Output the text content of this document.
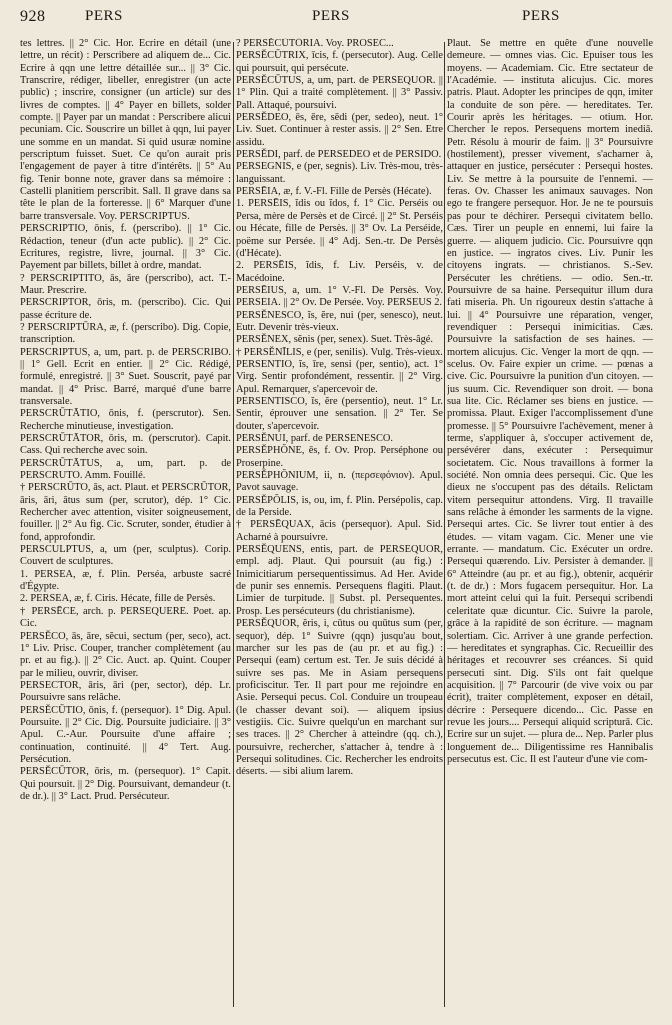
928	PERS	PERS	PERS

tes lettres. || 2° Cic. Hor. Ecrire en détail (une lettre, un récit) : Perscribere ad aliquem de... Cic. Ecrire à qqn une lettre détaillée sur... || 3° Cic. Transcrire, rédiger, libeller, enregistrer (un acte public) ; inscrire, consigner (un article) sur des livres de comptes. || 4° Payer en billets, solder compte. || Payer par un mandat : Perscribere alicui pecuniam. Cic. Souscrire un billet à qqn, lui payer une somme en un mandat. Si quid usuræ nomine perscriptum fuisset. Suet. Ce qu'on aurait pris l'engagement de payer à titre d'intérêts. || 5° Au fig. Tenir bonne note, graver dans sa mémoire : Castelli planitiem perscribit. Sall. Il grave dans sa tête le plan de la forteresse. || 6° Marquer d'une barre transversale. Voy. PERSCRIPTUS.

PERSCRIPTIO, ōnis, f. (perscribo). || 1° Cic. Rédaction, teneur (d'un acte public). || 2° Cic. Ecritures, registre, livre, journal. || 3° Cic. Payement par billets, billet à ordre, mandat.

? PERSCRIPTITO, ās, āre (perscribo), act. T.-Maur. Prescrire.

PERSCRIPTOR, ōris, m. (perscribo). Cic. Qui passe écriture de.

? PERSCRIPTŪRA, æ, f. (perscribo). Dig. Copie, transcription.

PERSCRIPTUS, a, um, part. p. de PERSCRIBO. || 1° Gell. Ecrit en entier. || 2° Cic. Rédigé, formulé, enregistré. || 3° Suet. Souscrit, payé par mandat. || 4° Prisc. Barré, marqué d'une barre transversale.

PERSCRŪTĀTIO, ōnis, f. (perscrutor). Sen. Recherche minutieuse, investigation.

PERSCRŪTĀTOR, ōris, m. (perscrutor). Capit. Cass. Qui recherche avec soin.

PERSCRŪTĀTUS, a, um, part. p. de PERSCRUTO. Amm. Fouillé.

† PERSCRŪTO, ās, act. Plaut. et PERSCRŪTOR, āris, āri, ātus sum (per, scrutor), dép. 1° Cic. Rechercher avec attention, visiter soigneusement, fouiller. || 2° Au fig. Cic. Scruter, sonder, étudier à fond, approfondir.

PERSCULPTUS, a, um (per, sculptus). Corip. Couvert de sculptures.

1. PERSEA, æ, f. Plin. Perséa, arbuste sacré d'Égypte.

2. PERSEA, æ, f. Ciris. Hécate, fille de Persès.

† PERSĒCE, arch. p. PERSEQUERE. Poet. ap. Cic.

PERSĔCO, ās, āre, sĕcui, sectum (per, seco), act. 1° Liv. Prisc. Couper, trancher complètement (au pr. et au fig.). || 2° Cic. Auct. ap. Quint. Couper par le milieu, ouvrir, diviser.

PERSECTOR, āris, āri (per, sector), dép. Lr. Poursuivre sans relâche.

PERSĔCŪTIO, ōnis, f. (persequor). 1° Dig. Apul. Poursuite. || 2° Cic. Dig. Poursuite judiciaire. || 3° Apul. C.-Aur. Poursuite d'une affaire ; continuation, continuité. || 4° Tert. Aug. Persécution.

PERSĔCŪTOR, ōris, m. (persequor). 1° Capit. Qui poursuit. || 2° Dig. Poursuivant, demandeur (t. de dr.). || 3° Lact. Prud. Persécuteur.

? PERSĔCŪTŌRIA. Voy. PROSEC...

PERSĔCŪTRIX, īcis, f. (persecutor). Aug. Celle qui poursuit, qui persécute.

PERSĔCŪTUS, a, um, part. de PERSEQUOR. || 1° Plin. Qui a traité complètement. || 3° Passiv. Pall. Attaqué, poursuivi.

PERSĔDEO, ēs, ēre, sēdi (per, sedeo), neut. 1° Liv. Suet. Continuer à rester assis. || 2° Sen. Etre assidu.

PERSĔDI, parf. de PERSEDEO et de PERSIDO.

PERSEGNIS, e (per, segnis). Liv. Très-mou, très-languissant.

PERSĒIA, æ, f. V.-Fl. Fille de Persès (Hécate).

1. PERSĒIS, ĭdis ou ĭdos, f. 1° Cic. Perséis ou Persa, mère de Persès et de Circé. || 2° St. Perséis ou Hécate, fille de Persès. || 3° Ov. La Perséide, poëme sur Persée. || 4° Adj. Sen.-tr. De Persès (d'Hécate).

2. PERSĒIS, ĭdis, f. Liv. Perséis, v. de Macédoine.

PERSĒIUS, a, um. 1° V.-Fl. De Persès. Voy. PERSEIA. || 2° Ov. De Persée. Voy. PERSEUS 2.

PERSĔNESCO, ĭs, ĕre, nui (per, senesco), neut. Eutr. Devenir très-vieux.

PERSĔNEX, sĕnis (per, senex). Suet. Très-âgé.

† PERSĔNĪLIS, e (per, senilis). Vulg. Très-vieux.

PERSENTIO, ĭs, īre, sensi (per, sentio), act. 1° Virg. Sentir profondément, ressentir. || 2° Virg. Apul. Remarquer, s'apercevoir de.

PERSENTISCO, ĭs, ĕre (persentio), neut. 1° Lr. Sentir, éprouver une sensation. || 2° Ter. Se douter, s'apercevoir.

PERSĔNUI, parf. de PERSENESCO.

PERSĔPHŎNE, ēs, f. Ov. Prop. Perséphone ou Proserpine.

PERSĔPHŎNIUM, ii, n. (περσεφόνιον). Apul. Pavot sauvage.

PERSĔPŎLIS, is, ou, im, f. Plin. Persépolis, cap. de la Perside.

† PERSĒQUAX, ācis (persequor). Apul. Sid. Acharné à poursuivre.

PERSĔQUENS, entis, part. de PERSEQUOR, empl. adj. Plaut. Qui poursuit (au fig.) : Inimicitiarum persequentissimus. Ad Her. Avide de punir ses ennemis. Persequens flagiti. Plaut. Limier de turpitude. || Subst. pl. Persequentes. Prosp. Les persécuteurs (du christianisme).

PERSĔQUOR, ĕris, i, cūtus ou quūtus sum (per, sequor), dép. 1° Suivre (qqn) jusqu'au bout, marcher sur les pas de (au pr. et au fig.) : Persequi (eam) certum est. Ter. Je suis décidé à suivre ses pas. Me in Asiam persequens proficiscitur. Ter. Il part pour me rejoindre en Asie. Persequi pecus. Col. Conduire un troupeau (le chasser devant soi). — aliquem ipsius vestigiis. Cic. Suivre quelqu'un en marchant sur ses traces. || 2° Chercher à atteindre (qq. ch.), poursuivre, rechercher, s'attacher à, tendre à : Persequi solitudines. Cic. Rechercher les endroits déserts. — sibi alium larem.

Plaut. Se mettre en quête d'une nouvelle demeure. — omnes vias. Cic. Epuiser tous les moyens. — Academiam. Cic. Etre sectateur de l'Académie. — instituta alicujus. Cic. mores patris. Plaut. Adopter les principes de qqn, imiter la conduite de son père. — hereditates. Ter. Courir après les héritages. — otium. Hor. Chercher le repos. Persequens mortem inediā. Petr. Résolu à mourir de faim. || 3° Poursuivre (hostilement), presser vivement, s'acharner à, attaquer en justice, persécuter : Persequi hostes. Liv. Se mettre à la poursuite de l'ennemi. — feras. Ov. Chasser les animaux sauvages. Non ego te frangere persequor. Hor. Je ne te poursuis pas pour te déchirer. Persequi civitatem bello. Cæs. Tirer un peuple en ennemi, lui faire la guerre. — aliquem judicio. Cic. Poursuivre qqn en justice. — ingratos cives. Liv. Punir les citoyens ingrats. — christianos. S.-Sev. Persécuter les chrétiens. — odio. Sen.-tr. Poursuivre de sa haine. Persequitur illum dura fati miseria. Ph. Un rigoureux destin s'attache à lui. || 4° Poursuivre une réparation, venger, revendiquer : Persequi inimicitias. Cæs. Poursuivre la satisfaction de ses haines. — mortem alicujus. Cic. Venger la mort de qqn. — scelus. Ov. Faire expier un crime. — pœnas a cive. Cic. Poursuivre la punition d'un citoyen. — jus suum. Cic. Revendiquer son droit. — bona sua lite. Cic. Réclamer ses biens en justice. — promissa. Plaut. Exiger l'accomplissement d'une promesse. || 5° Poursuivre l'achèvement, mener à terme, s'appliquer à, s'occuper activement de, persévérer dans, exécuter : Persequimur societatem. Cic. Nous travaillons à former la société. Non omnia dees persequi. Cic. Que les dieux ne s'occupent pas des détails. Relictam vitem persequitur attondens. Virg. Il travaille sans relâche à émonder les sarments de la vigne. Persequi artes. Cic. Se livrer tout entier à des études. — vitam vagam. Cic. Mener une vie errante. — mandatum. Cic. Exécuter un ordre. Persequi quærendo. Liv. Persister à demander. || 6° Atteindre (au pr. et au fig.), obtenir, acquérir (t. de dr.) : Mors fugacem persequitur. Hor. La mort atteint celui qui la fuit. Persequi scribendi celeritate quæ dicuntur. Cic. Suivre la parole, grâce à la rapidité de son écriture. — magnam solertiam. Cic. Arriver à une grande perfection. — hereditates et syngraphas. Cic. Recueillir des héritages et recouvrer ses créances. Si quid persecuti sint. Dig. S'ils ont fait quelque acquisition. || 7° Parcourir (de vive voix ou par écrit), traiter complètement, exposer en détail, décrire : Persequere dicendo... Cic. Passe en revue les jours.... Persequi aliquid scripturā. Cic. Ecrire sur un sujet. — plura de... Nep. Parler plus longuement de... Diligentissime res Hannibalis persecutus est. Cic. Il est l'auteur d'une vie com-
